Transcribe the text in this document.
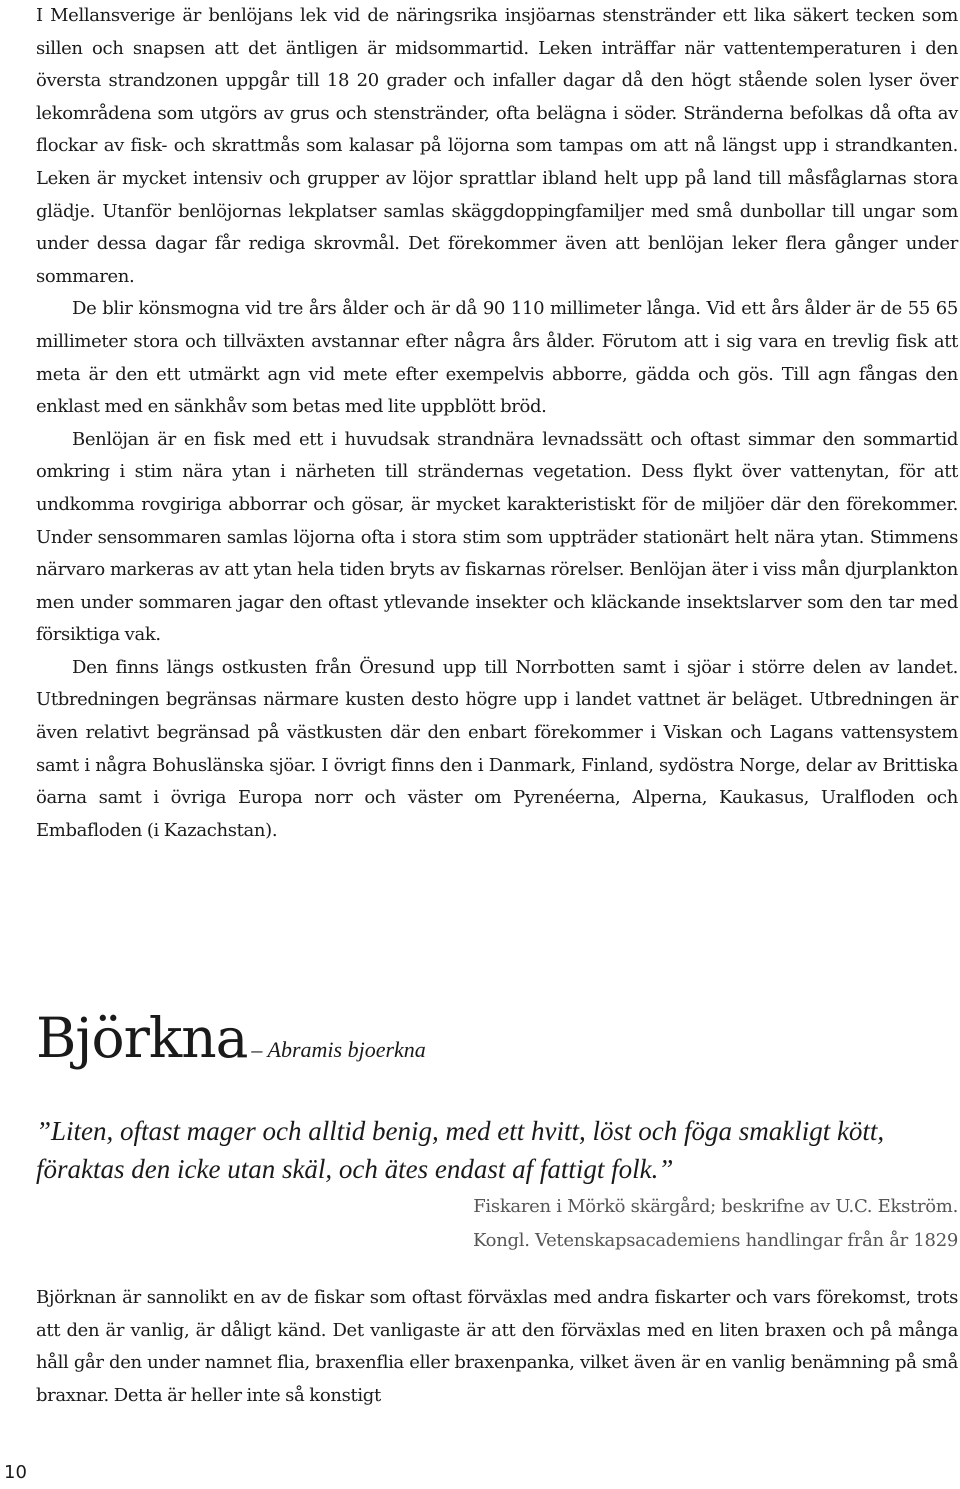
I Mellansverige är benlöjans lek vid de näringsrika insjöarnas stenstränder ett lika säkert tecken som sillen och snapsen att det äntligen är midsommartid. Leken inträffar när vattentemperaturen i den översta strandzonen uppgår till 18 20 grader och infaller dagar då den högt stående solen lyser över lekområdena som utgörs av grus och stenstränder, ofta belägna i söder. Stränderna befolkas då ofta av flockar av fisk- och skrattmås som kalasar på löjorna som tampas om att nå längst upp i strandkanten. Leken är mycket intensiv och grupper av löjor sprattlar ibland helt upp på land till måsfåglarnas stora glädje. Utanför benlöjornas lekplatser samlas skäggdoppingfamiljer med små dunbollar till ungar som under dessa dagar får rediga skrovmål. Det förekommer även att benlöjan leker flera gånger under sommaren.

De blir könsmogna vid tre års ålder och är då 90 110 millimeter långa. Vid ett års ålder är de 55 65 millimeter stora och tillväxten avstannar efter några års ålder. Förutom att i sig vara en trevlig fisk att meta är den ett utmärkt agn vid mete efter exempelvis abborre, gädda och gös. Till agn fångas den enklast med en sänkhåv som betas med lite uppblött bröd.

Benlöjan är en fisk med ett i huvudsak strandnära levnadssätt och oftast simmar den sommartid omkring i stim nära ytan i närheten till strändernas vegetation. Dess flykt över vattenytan, för att undkomma rovgiriga abborrar och gösar, är mycket karakteristiskt för de miljöer där den förekommer. Under sensommaren samlas löjorna ofta i stora stim som uppträder stationärt helt nära ytan. Stimmens närvaro markeras av att ytan hela tiden bryts av fiskarnas rörelser. Benlöjan äter i viss mån djurplankton men under sommaren jagar den oftast ytlevande insekter och kläckande insektslarver som den tar med försiktiga vak.

Den finns längs ostkusten från Öresund upp till Norrbotten samt i sjöar i större delen av landet. Utbredningen begränsas närmare kusten desto högre upp i landet vattnet är beläget. Utbredningen är även relativt begränsad på västkusten där den enbart förekommer i Viskan och Lagans vattensystem samt i några Bohuslänska sjöar. I övrigt finns den i Danmark, Finland, sydöstra Norge, delar av Brittiska öarna samt i övriga Europa norr och väster om Pyrenéerna, Alperna, Kaukasus, Uralfloden och Embafloden (i Kazachstan).

Björkna – Abramis bjoerkna

”Liten, oftast mager och alltid benig, med ett hvitt, löst och föga smakligt kött, föraktas den icke utan skäl, och ätes endast af fattigt folk.”

Fiskaren i Mörkö skärgård; beskrifne av U.C. Ekström.
Kongl. Vetenskapsacademiens handlingar från år 1829

Björknan är sannolikt en av de fiskar som oftast förväxlas med andra fiskarter och vars förekomst, trots att den är vanlig, är dåligt känd. Det vanligaste är att den förväxlas med en liten braxen och på många håll går den under namnet flia, braxenflia eller braxenpanka, vilket även är en vanlig benämning på små braxnar. Detta är heller inte så konstigt

10
